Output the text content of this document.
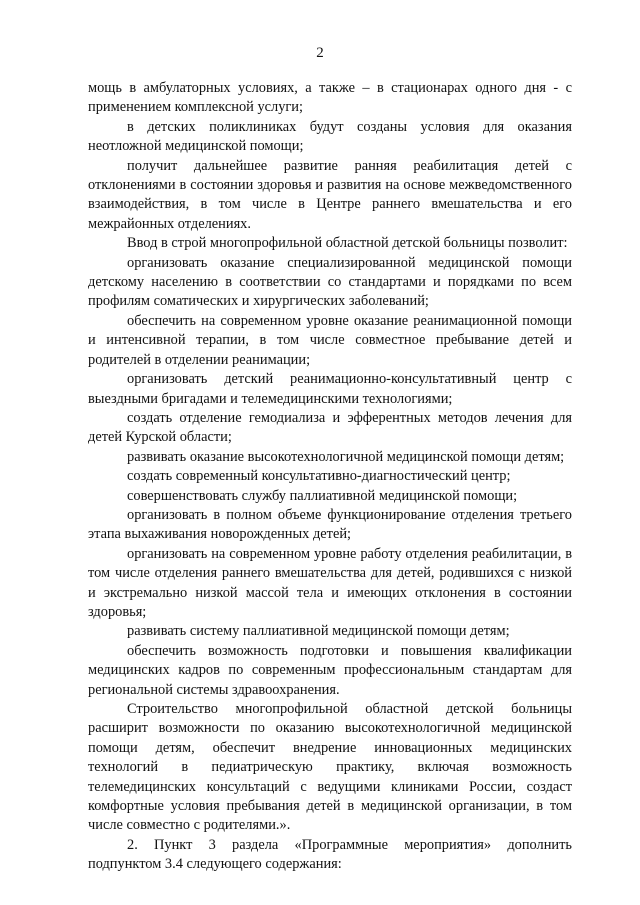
2

мощь в амбулаторных условиях, а также – в стационарах одного дня - с применением комплексной услуги;

в детских поликлиниках будут созданы условия для оказания неотложной медицинской помощи;

получит дальнейшее развитие ранняя реабилитация детей с отклонениями в состоянии здоровья и развития на основе межведомственного взаимодействия, в том числе в Центре раннего вмешательства и его межрайонных отделениях.

Ввод в строй многопрофильной областной детской больницы позволит:

организовать оказание специализированной медицинской помощи детскому населению в соответствии со стандартами и порядками по всем профилям соматических и хирургических заболеваний;

обеспечить на современном уровне оказание реанимационной помощи и интенсивной терапии, в том числе совместное пребывание детей и родителей в отделении реанимации;

организовать детский реанимационно-консультативный центр с выездными бригадами и телемедицинскими технологиями;

создать отделение гемодиализа и эфферентных методов лечения для детей Курской области;

развивать оказание высокотехнологичной медицинской помощи детям;

создать современный консультативно-диагностический центр;

совершенствовать службу паллиативной медицинской помощи;

организовать в полном объеме функционирование отделения третьего этапа выхаживания новорожденных детей;

организовать на современном уровне работу отделения реабилитации, в том числе отделения раннего вмешательства для детей, родившихся с низкой и экстремально низкой массой тела и имеющих отклонения в состоянии здоровья;

развивать систему паллиативной медицинской помощи детям;

обеспечить возможность подготовки и повышения квалификации медицинских кадров по современным профессиональным стандартам для региональной системы здравоохранения.

Строительство многопрофильной областной детской больницы расширит возможности по оказанию высокотехнологичной медицинской помощи детям, обеспечит внедрение инновационных медицинских технологий в педиатрическую практику, включая возможность телемедицинских консультаций с ведущими клиниками России, создаст комфортные условия пребывания детей в медицинской организации, в том числе совместно с родителями.».

2. Пункт 3 раздела «Программные мероприятия» дополнить подпунктом 3.4 следующего содержания:
